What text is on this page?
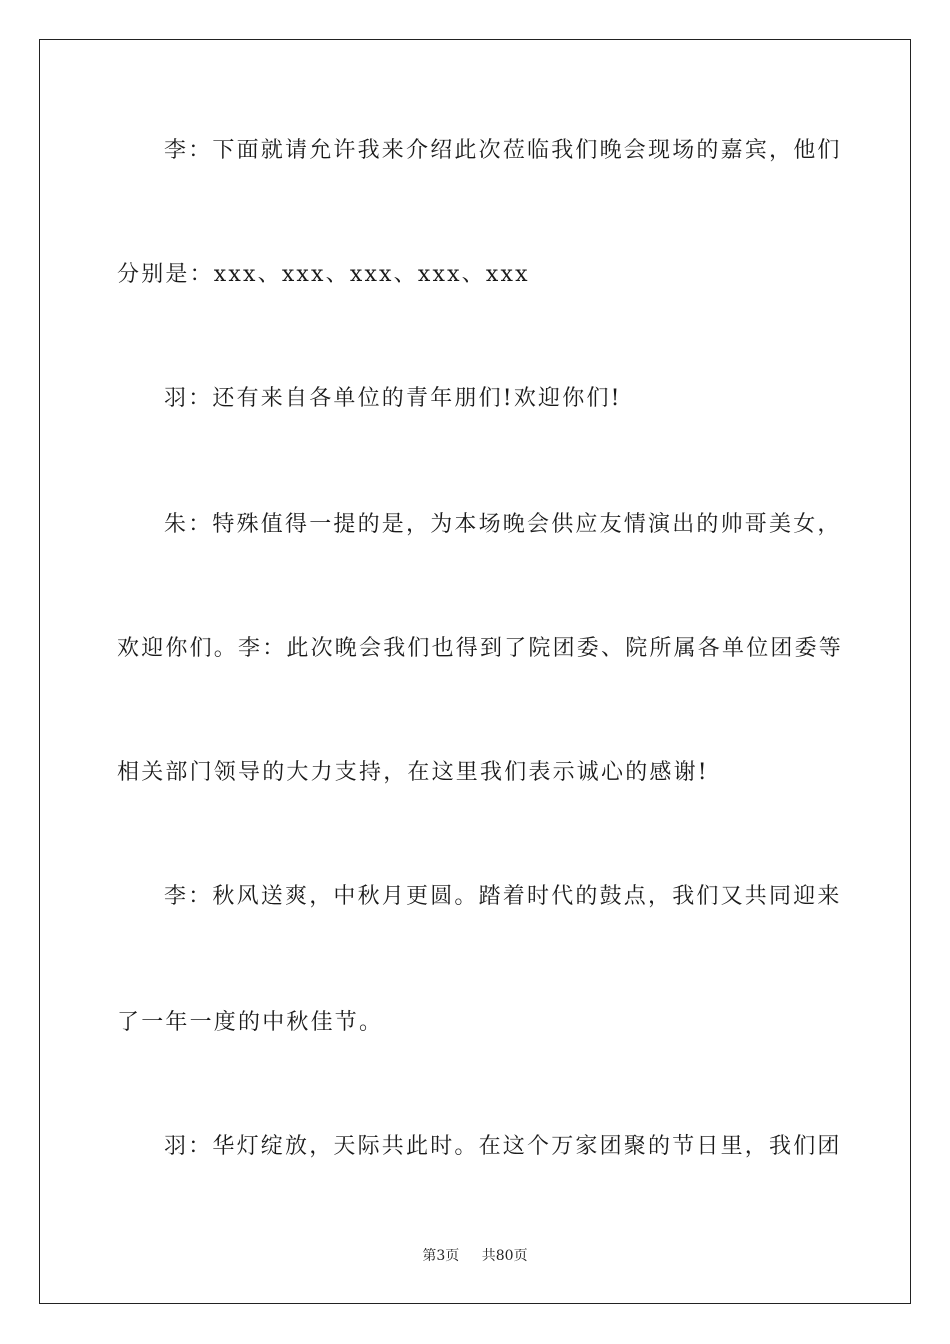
李：下面就请允许我来介绍此次莅临我们晚会现场的嘉宾，他们
分别是：xxx、xxx、xxx、xxx、xxx
羽：还有来自各单位的青年朋们!欢迎你们!
朱：特殊值得一提的是，为本场晚会供应友情演出的帅哥美女，
欢迎你们。李：此次晚会我们也得到了院团委、院所属各单位团委等
相关部门领导的大力支持，在这里我们表示诚心的感谢!
李：秋风送爽，中秋月更圆。踏着时代的鼓点，我们又共同迎来
了一年一度的中秋佳节。
羽：华灯绽放，天际共此时。在这个万家团聚的节日里，我们团
第3页 共80页
